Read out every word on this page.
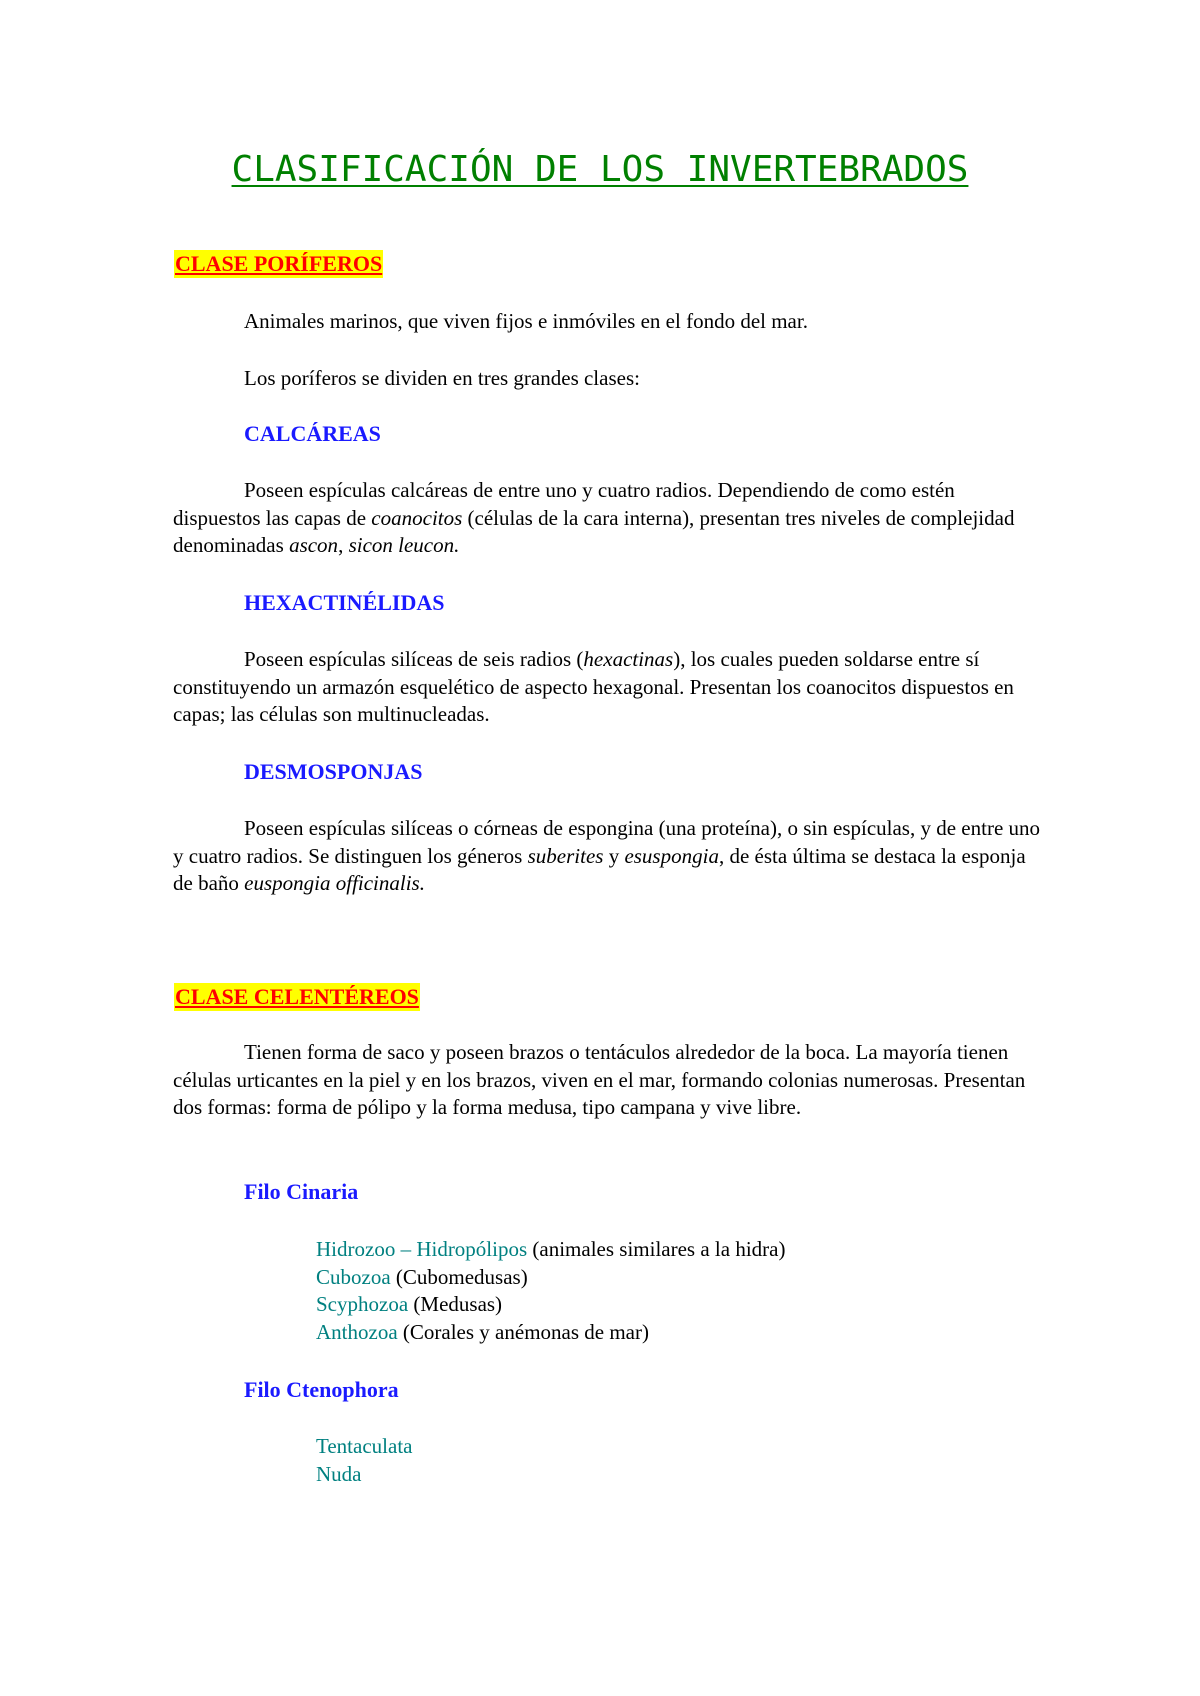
CLASIFICACIÓN DE LOS INVERTEBRADOS
CLASE PORÍFEROS

Animales marinos, que viven fijos e inmóviles en el fondo del mar.

Los poríferos se dividen en tres grandes clases:

CALCÁREAS

Poseen espículas calcáreas de entre uno y cuatro radios. Dependiendo de como estén dispuestos las capas de coanocitos (células de la cara interna), presentan tres niveles de complejidad denominadas ascon, sicon leucon.

HEXACTINÉLIDAS

Poseen espículas silíceas de seis radios (hexactinas), los cuales pueden soldarse entre sí constituyendo un armazón esquelético de aspecto hexagonal. Presentan los coanocitos dispuestos en capas; las células son multinucleadas.

DESMOSPONJAS

Poseen espículas silíceas o córneas de espongina (una proteína), o sin espículas, y de entre uno y cuatro radios. Se distinguen los géneros suberites y esuspongia, de ésta última se destaca la esponja de baño euspongia officinalis.

CLASE CELENTÉREOS

Tienen forma de saco y poseen brazos o tentáculos alrededor de la boca. La mayoría tienen células urticantes en la piel y en los brazos, viven en el mar, formando colonias numerosas. Presentan dos formas: forma de pólipo y la forma medusa, tipo campana y vive libre.

Filo Cinaria
Hidrozoo – Hidropólipos (animales similares a la hidra)
Cubozoa (Cubomedusas)
Scyphozoa (Medusas)
Anthozoa (Corales y anémonas de mar)
Filo Ctenophora
Tentaculata
Nuda
